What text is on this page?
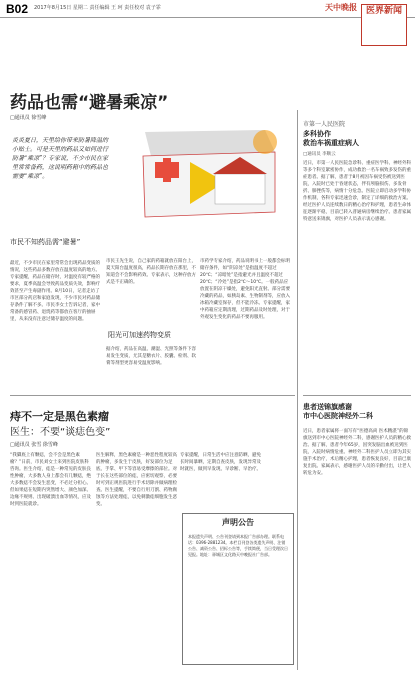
B02 2017年8月15日 星期二 责任编辑 王 珂 责任校对 袁子霏	天中晚报 医界新闻
药品也需“避暑乘凉”
□通讯员 徐雪峰
炎炎夏日，天里给你带来防暑降温的小贴士。可是天里的药品又如何进行防暑“乘凉”？专家说，不少市民在家里常常备药，这说明药箱中的药品也需要“乘凉”。
市民不知药品需“避暑”
最近，不少市民在家里常常会出现药品变质的情况，这些药品多数存放在温度较高的地方。专家提醒，药品在储存时，对温度有较严格的要求，夏季高温会导致药品变质失效，影响疗效甚至产生毒副作用。8月10日，记者走访了市区部分药店和家庭发现，不少市民对药品储存条件了解不多。市民李女士告诉记者，家中常备的感冒药、退烧药等都放在客厅的抽屉里，从来没有注意过储存温度的问题。
市民王先生说，自己家的药箱就放在阳台上，夏天阳台温度很高，药品长期存放在那里，不知道会不会影响药效。专家表示，这种存放方式是不正确的。
阳光可加速药物变质
据介绍，药品在高温、潮湿、光照等条件下容易发生变质，尤其是糖衣片、胶囊、栓剂、软膏等剂型更容易受温度影响。
市药学专家介绍，药品说明书上一般都会标明储存条件，如“阴凉处”是指温度不超过20℃；“凉暗处”是指避光并且温度不超过20℃；“冷处”是指2℃～10℃。一般药品应放置在阴凉干燥处，避免阳光直射。部分需要冷藏的药品，如胰岛素、生物制剂等，应放入冰箱冷藏室保存，但不能冷冻。专家提醒，家中药箱应定期清理，过期药品及时处理，对于外观发生变化的药品不要再服用。
痔不一定是黑色素瘤
医生：不要“谈痣色变”
□通讯员 张雪 徐雪峰
“我脚底上有颗痣，会不会是黑色素瘤？”日前，市民刘女士来到医院皮肤科咨询。医生介绍，痣是一种常见的皮肤良性肿瘤，大多数人身上都会有几颗痣，绝大多数痣不会发生恶变，不必过分担心。但如果痣在短期内突然增大、颜色加深、边缘不规则、出现破溃出血等情况，应及时到医院就诊。
医生解释，黑色素瘤是一种恶性程度较高的肿瘤，多发生于皮肤，好发部位为足底、手掌、甲下等容易受摩擦的部位。对于长在这些部位的痣，应密切观察，必要时可到正规医院进行手术切除并做病理检查。医生提醒，不要自行用刀割、药物腐蚀等方法处理痣，以免刺激痣细胞发生恶变。
专家提醒，日常生活中应注意防晒，避免长时间暴晒，定期自查皮肤，发现异常及时就医，做到早发现、早诊断、早治疗。
声明公告
本报遗失声明、公告刊登请到本报广告部办理。联系电话：0396-2881234。本栏目刊登各类遗失声明、注销公告、减资公告、招标公告等，手续简便，当日受理次日见报。地址：驿城区文化路天中晚报社广告部。
市第一人民医院
多科协作
救治车祸重症病人
□通讯员 李顺云
近日，市第一人民医院急诊科、重症医学科、神经外科等多个科室紧密协作，成功救治一名车祸致多发伤的重症患者。据了解，患者于8月初因车祸受伤被送到医院，入院时已处于昏迷状态，伴有颅脑损伤、多发骨折、肺挫伤等，病情十分危急。医院立即启动多学科协作机制，各科专家迅速会诊，制定了详细的救治方案。经过医护人员连续数日的精心治疗和护理，患者生命体征逐渐平稳，目前已转入普通病房继续治疗。患者家属特意送来锦旗，对医护人员表示衷心感谢。
患者送锦旗感谢
市中心医院神经外二科
近日，患者家属将一面写有“医德高尚 医术精湛”的锦旗送到市中心医院神经外二科，感谢医护人员的精心救治。据了解，患者今年65岁，因突发脑出血被送到医院，入院时病情危重。神经外二科医护人员立即为其实施手术治疗，术后精心护理，患者恢复良好，目前已康复出院。家属表示，感谢医护人员的辛勤付出，让老人转危为安。
